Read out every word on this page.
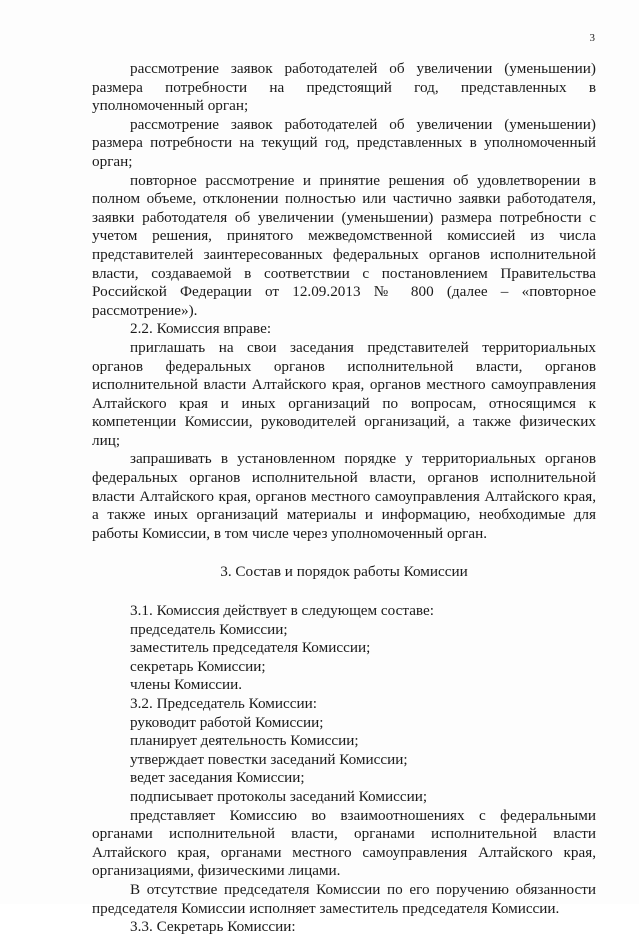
3

рассмотрение заявок работодателей об увеличении (уменьшении) размера потребности на предстоящий год, представленных в уполномоченный орган;

рассмотрение заявок работодателей об увеличении (уменьшении) размера потребности на текущий год, представленных в уполномоченный орган;

повторное рассмотрение и принятие решения об удовлетворении в полном объеме, отклонении полностью или частично заявки работодателя, заявки работодателя об увеличении (уменьшении) размера потребности с учетом решения, принятого межведомственной комиссией из числа представителей заинтересованных федеральных органов исполнительной власти, создаваемой в соответствии с постановлением Правительства Российской Федерации от 12.09.2013 № 800 (далее – «повторное рассмотрение»).

2.2. Комиссия вправе:

приглашать на свои заседания представителей территориальных органов федеральных органов исполнительной власти, органов исполнительной власти Алтайского края, органов местного самоуправления Алтайского края и иных организаций по вопросам, относящимся к компетенции Комиссии, руководителей организаций, а также физических лиц;

запрашивать в установленном порядке у территориальных органов федеральных органов исполнительной власти, органов исполнительной власти Алтайского края, органов местного самоуправления Алтайского края, а также иных организаций материалы и информацию, необходимые для работы Комиссии, в том числе через уполномоченный орган.

3. Состав и порядок работы Комиссии

3.1. Комиссия действует в следующем составе:

председатель Комиссии;

заместитель председателя Комиссии;

секретарь Комиссии;

члены Комиссии.

3.2. Председатель Комиссии:

руководит работой Комиссии;

планирует деятельность Комиссии;

утверждает повестки заседаний Комиссии;

ведет заседания Комиссии;

подписывает протоколы заседаний Комиссии;

представляет Комиссию во взаимоотношениях с федеральными органами исполнительной власти, органами исполнительной власти Алтайского края, органами местного самоуправления Алтайского края, организациями, физическими лицами.

В отсутствие председателя Комиссии по его поручению обязанности председателя Комиссии исполняет заместитель председателя Комиссии.

3.3. Секретарь Комиссии:
